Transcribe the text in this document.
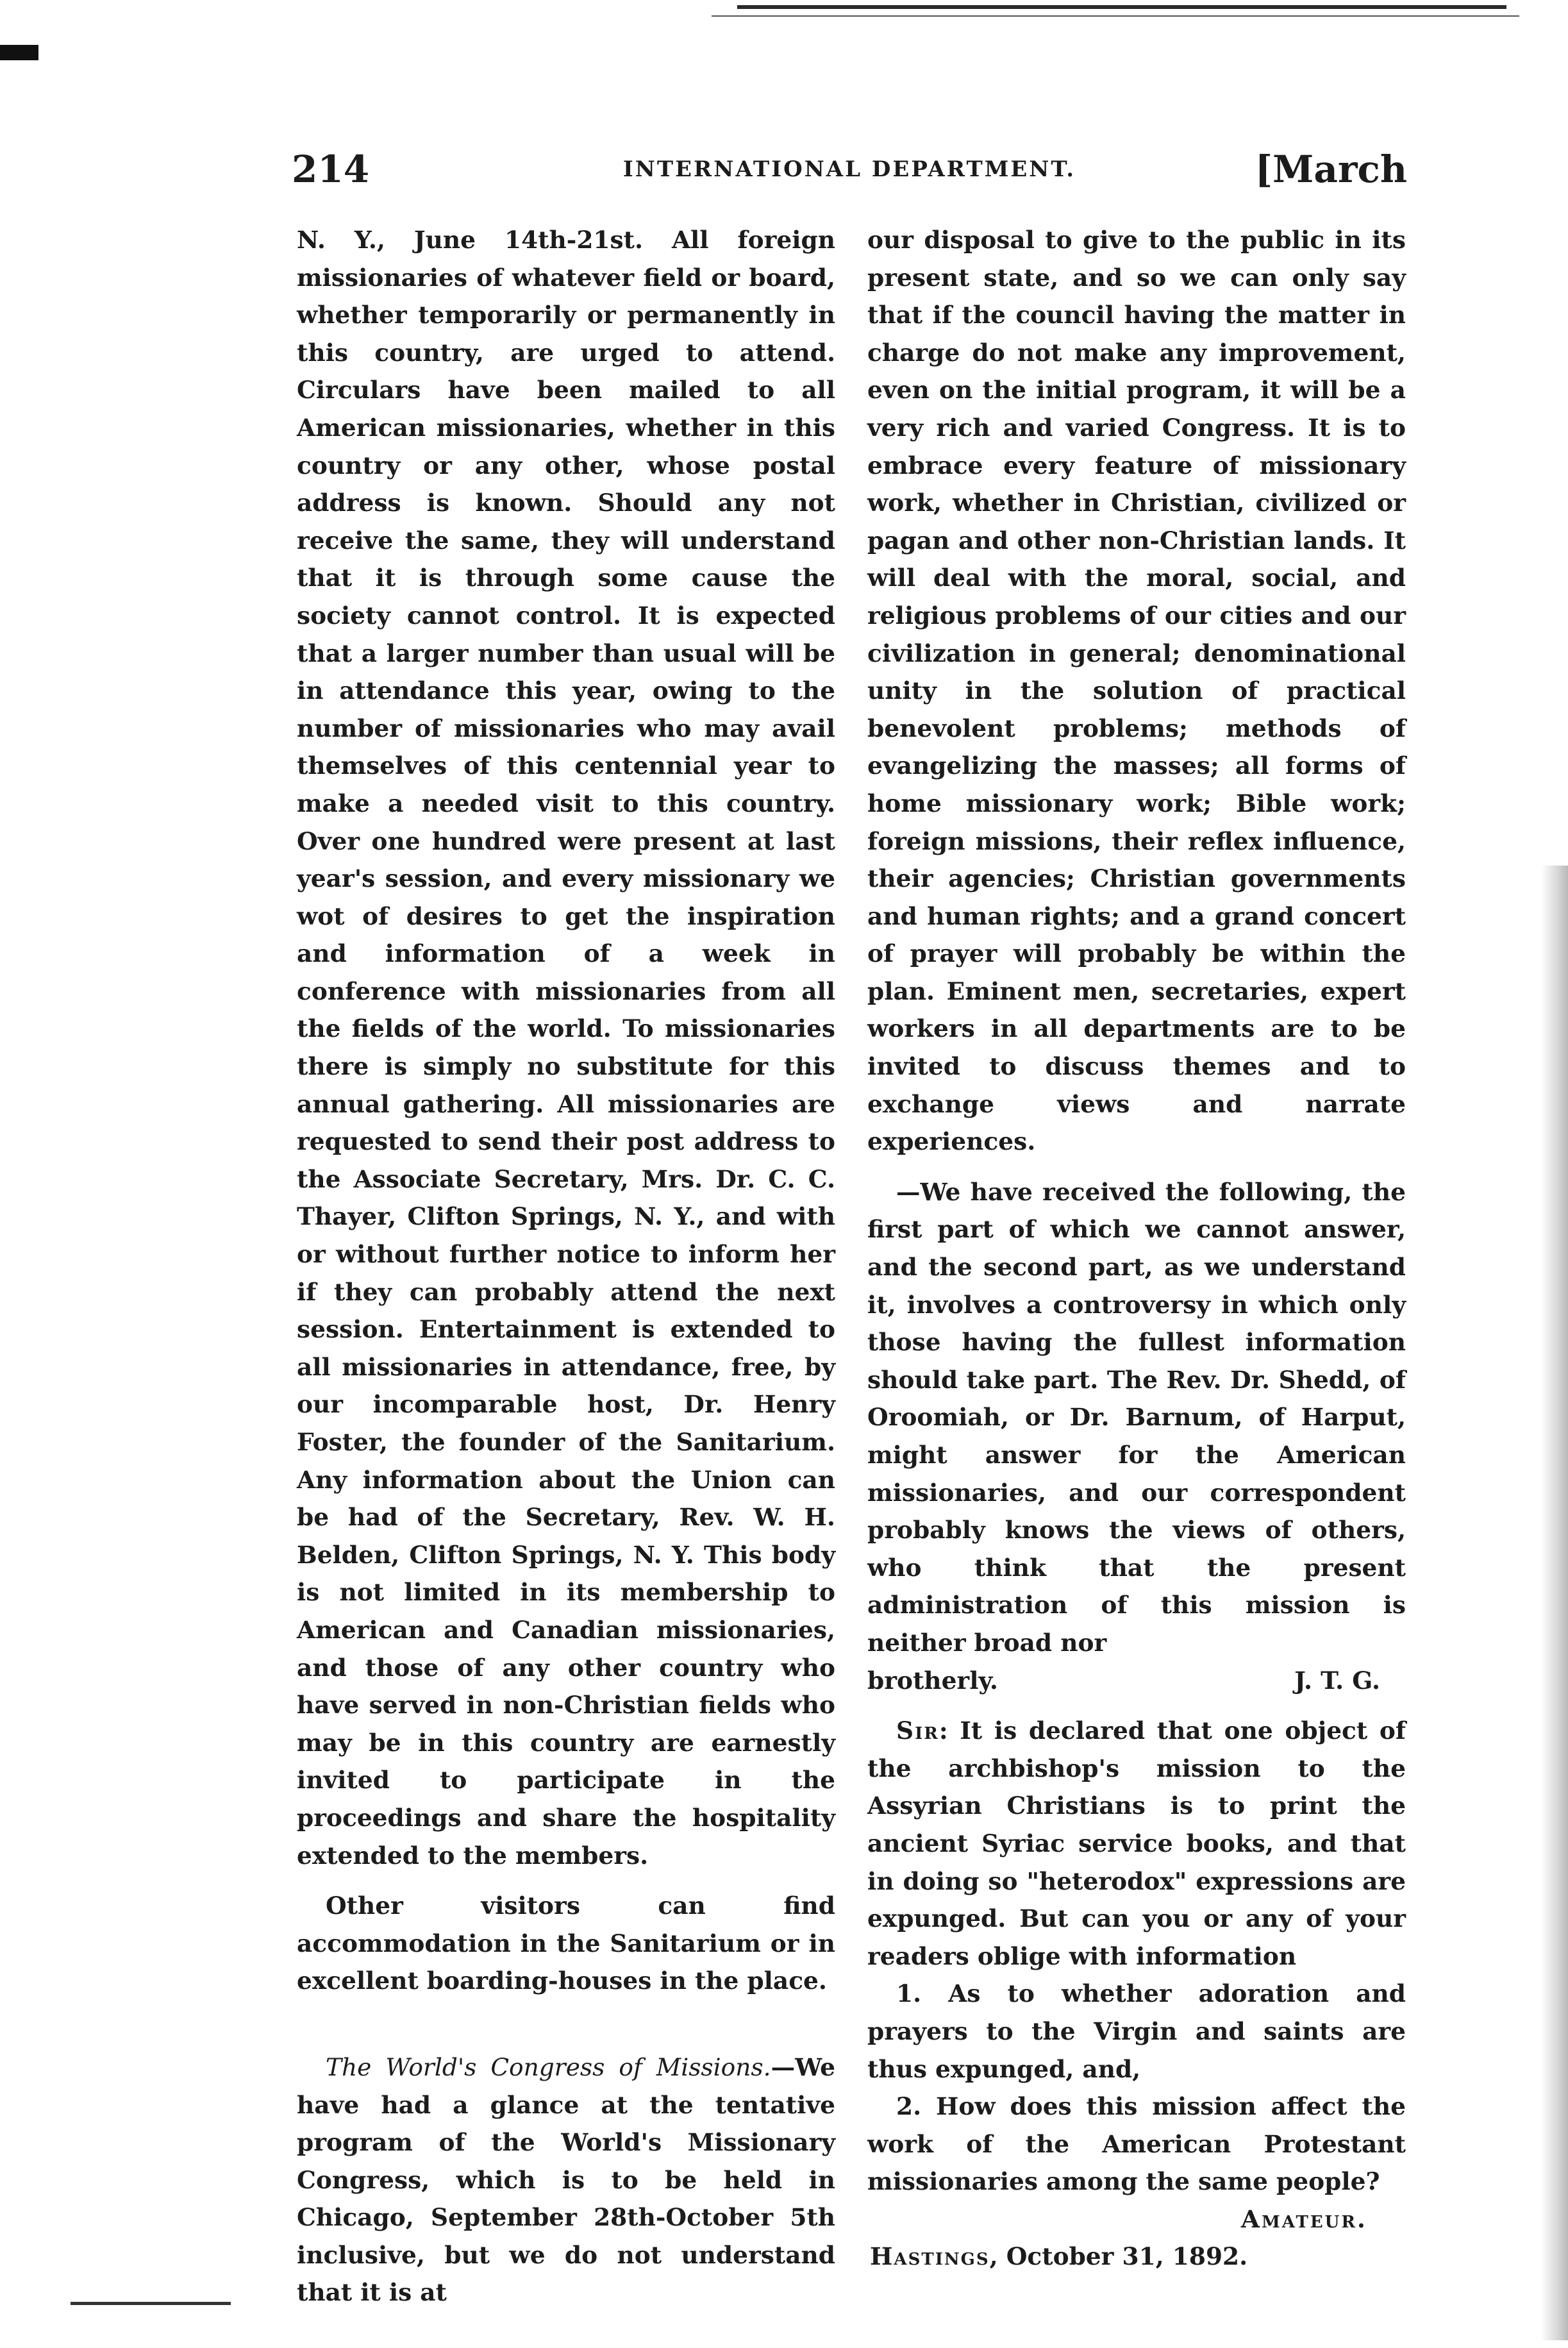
214	INTERNATIONAL DEPARTMENT.	[March

N. Y., June 14th-21st. All foreign missionaries of whatever field or board, whether temporarily or permanently in this country, are urged to attend. Circulars have been mailed to all American missionaries, whether in this country or any other, whose postal address is known. Should any not receive the same, they will understand that it is through some cause the society cannot control. It is expected that a larger number than usual will be in attendance this year, owing to the number of missionaries who may avail themselves of this centennial year to make a needed visit to this country. Over one hundred were present at last year's session, and every missionary we wot of desires to get the inspiration and information of a week in conference with missionaries from all the fields of the world. To missionaries there is simply no substitute for this annual gathering. All missionaries are requested to send their post address to the Associate Secretary, Mrs. Dr. C. C. Thayer, Clifton Springs, N. Y., and with or without further notice to inform her if they can probably attend the next session. Entertainment is extended to all missionaries in attendance, free, by our incomparable host, Dr. Henry Foster, the founder of the Sanitarium. Any information about the Union can be had of the Secretary, Rev. W. H. Belden, Clifton Springs, N. Y. This body is not limited in its membership to American and Canadian missionaries, and those of any other country who have served in non-Christian fields who may be in this country are earnestly invited to participate in the proceedings and share the hospitality extended to the members.

Other visitors can find accommodation in the Sanitarium or in excellent boarding-houses in the place.

The World's Congress of Missions.—We have had a glance at the tentative program of the World's Missionary Congress, which is to be held in Chicago, September 28th-October 5th inclusive, but we do not understand that it is at

our disposal to give to the public in its present state, and so we can only say that if the council having the matter in charge do not make any improvement, even on the initial program, it will be a very rich and varied Congress. It is to embrace every feature of missionary work, whether in Christian, civilized or pagan and other non-Christian lands. It will deal with the moral, social, and religious problems of our cities and our civilization in general; denominational unity in the solution of practical benevolent problems; methods of evangelizing the masses; all forms of home missionary work; Bible work; foreign missions, their reflex influence, their agencies; Christian governments and human rights; and a grand concert of prayer will probably be within the plan. Eminent men, secretaries, expert workers in all departments are to be invited to discuss themes and to exchange views and narrate experiences.

—We have received the following, the first part of which we cannot answer, and the second part, as we understand it, involves a controversy in which only those having the fullest information should take part. The Rev. Dr. Shedd, of Oroomiah, or Dr. Barnum, of Harput, might answer for the American missionaries, and our correspondent probably knows the views of others, who think that the present administration of this mission is neither broad nor

brotherly.	J. T. G.

Sir: It is declared that one object of the archbishop's mission to the Assyrian Christians is to print the ancient Syriac service books, and that in doing so "heterodox" expressions are expunged. But can you or any of your readers oblige with information

1. As to whether adoration and prayers to the Virgin and saints are thus expunged, and,

2. How does this mission affect the work of the American Protestant missionaries among the same people?

Amateur.
Hastings, October 31, 1892.
